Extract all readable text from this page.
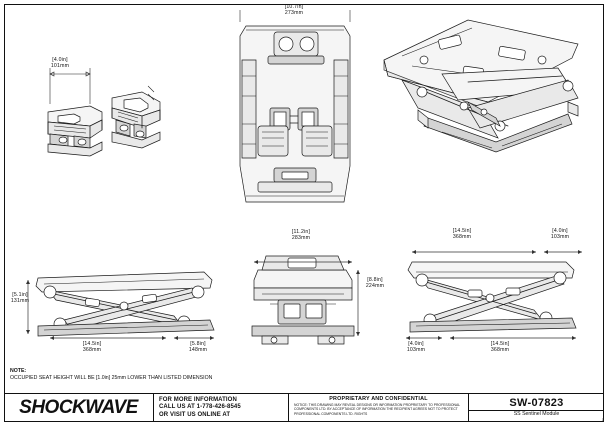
[4.0in]
101mm
[10.7in]
273mm
[5.1in]
131mm
[14.5in]
368mm
[5.8in]
148mm
[11.2in]
283mm
[8.8in]
224mm
[14.5in]
368mm
[4.0in]
103mm
[4.0in]
103mm
[14.5in]
368mm
NOTE:
OCCUPIED SEAT HEIGHT WILL BE [1.0in] 25mm LOWER THAN LISTED DIMENSION
SHOCKWAVE	FOR MORE INFORMATION
CALL US AT 1-778-426-8545
OR VISIT US ONLINE AT
PROPRIETARY AND CONFIDENTIAL
NOTICE: THIS DRAWING MAY REVEAL DESIGNS OR INFORMATION PROPRIETARY TO PROFESSIONAL COMPONENTS LTD. BY ACCEPTANCE OF INFORMATION THE RECIPIENT AGREES NOT TO PROTECT PROFESSIONAL COMPONENTS LTD. RIGHTS
SW-07823
SS Sentinel Module
1
